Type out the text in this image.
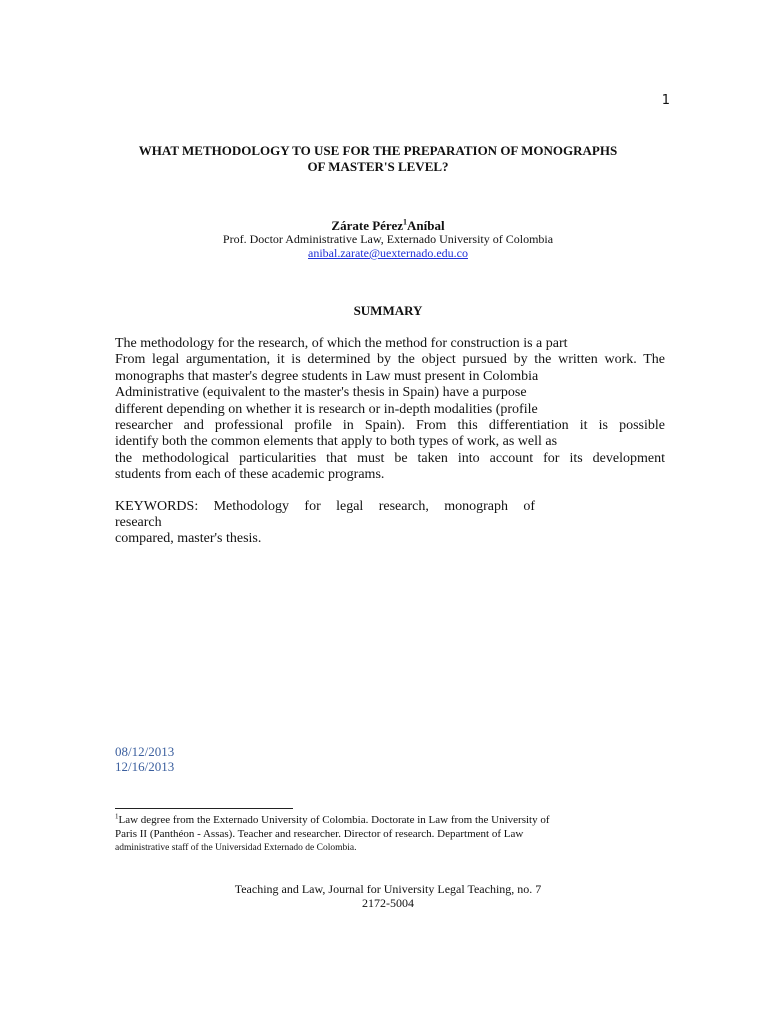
1
WHAT METHODOLOGY TO USE FOR THE PREPARATION OF MONOGRAPHS
OF MASTER'S LEVEL?
Zárate Pérez$^1$Aníbal
Prof. Doctor Administrative Law, Externado University of Colombia
anibal.zarate@uexternado.edu.co
SUMMARY
The methodology for the research, of which the method for construction is a part
From legal argumentation, it is determined by the object pursued by the written work. The
monographs that master's degree students in Law must present in Colombia
Administrative (equivalent to the master's thesis in Spain) have a purpose
different depending on whether it is research or in-depth modalities (profile
researcher and professional profile in Spain). From this differentiation it is possible
identify both the common elements that apply to both types of work, as well as
the methodological particularities that must be taken into account for its development
students from each of these academic programs.
KEYWORDS: Methodology for legal research, monograph of
research
compared, master's thesis.
08/12/2013
12/16/2013
$^1$Law degree from the Externado University of Colombia. Doctorate in Law from the University of
Paris II (Panthéon - Assas). Teacher and researcher. Director of research. Department of Law
administrative staff of the Universidad Externado de Colombia.
Teaching and Law, Journal for University Legal Teaching, no. 7
2172-5004
